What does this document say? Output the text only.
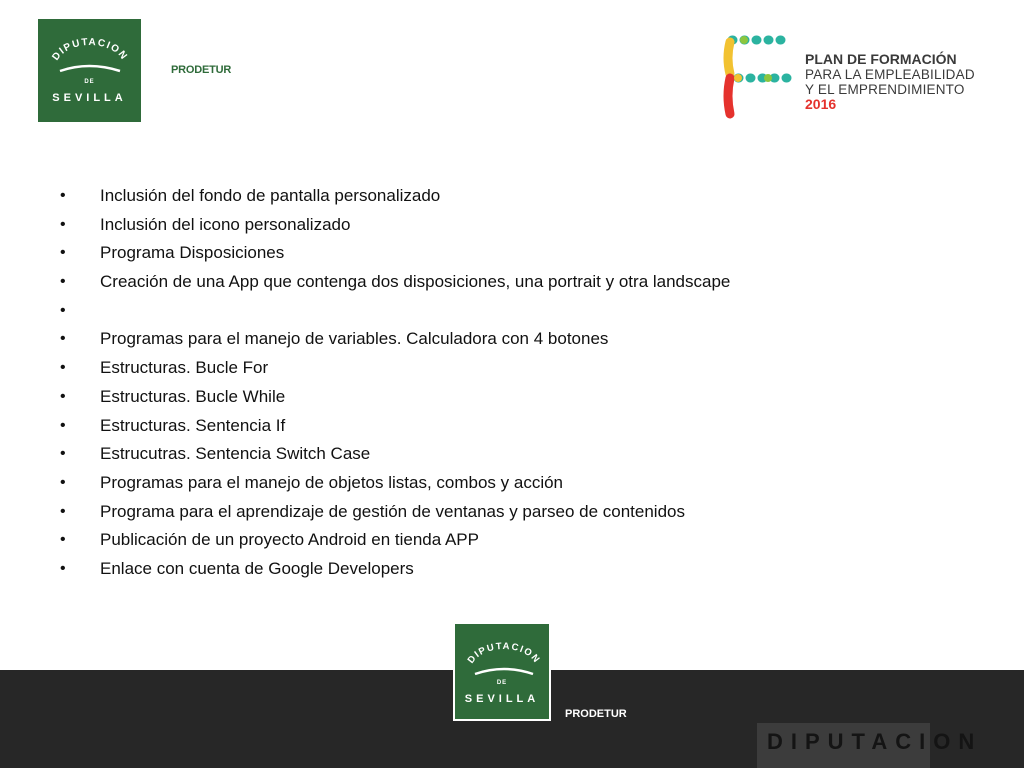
DIPUTACION
DE
SEVILLA
PRODETUR
PLAN DE FORMACIÓN
PARA LA EMPLEABILIDAD
Y EL EMPRENDIMIENTO
2016
• Inclusión del fondo de pantalla personalizado
• Inclusión del icono personalizado
• Programa Disposiciones
• Creación de una App que contenga dos disposiciones, una portrait y otra landscape
•
• Programas para el manejo de variables. Calculadora con 4 botones
• Estructuras. Bucle For
• Estructuras. Bucle While
• Estructuras. Sentencia If
• Estrucutras. Sentencia Switch Case
• Programas para el manejo de objetos listas, combos y acción
• Programa para el aprendizaje de gestión de ventanas y parseo de contenidos
• Publicación de un proyecto Android en tienda APP
• Enlace con cuenta de Google Developers
DIPUTACION
DE
SEVILLA
PRODETUR
DIPUTACION
